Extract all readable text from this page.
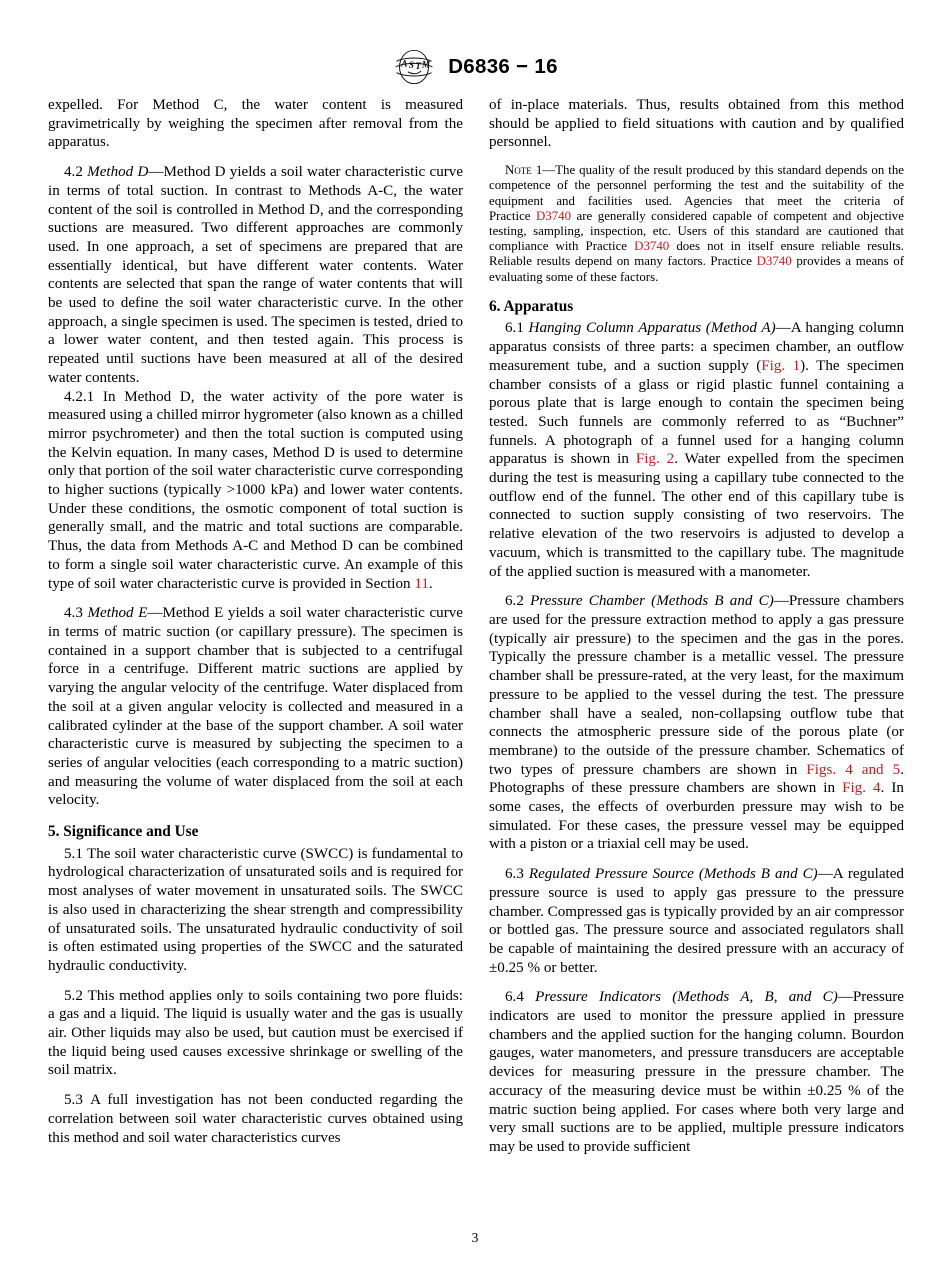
A S T M D6836 − 16

expelled. For Method C, the water content is measured gravimetrically by weighing the specimen after removal from the apparatus.

4.2 Method D—Method D yields a soil water characteristic curve in terms of total suction. In contrast to Methods A-C, the water content of the soil is controlled in Method D, and the corresponding suctions are measured. Two different approaches are commonly used. In one approach, a set of specimens are prepared that are essentially identical, but have different water contents. Water contents are selected that span the range of water contents that will be used to define the soil water characteristic curve. In the other approach, a single specimen is used. The specimen is tested, dried to a lower water content, and then tested again. This process is repeated until suctions have been measured at all of the desired water contents.

4.2.1 In Method D, the water activity of the pore water is measured using a chilled mirror hygrometer (also known as a chilled mirror psychrometer) and then the total suction is computed using the Kelvin equation. In many cases, Method D is used to determine only that portion of the soil water characteristic curve corresponding to higher suctions (typically >1000 kPa) and lower water contents. Under these conditions, the osmotic component of total suction is generally small, and the matric and total suctions are comparable. Thus, the data from Methods A-C and Method D can be combined to form a single soil water characteristic curve. An example of this type of soil water characteristic curve is provided in Section 11.

4.3 Method E—Method E yields a soil water characteristic curve in terms of matric suction (or capillary pressure). The specimen is contained in a support chamber that is subjected to a centrifugal force in a centrifuge. Different matric suctions are applied by varying the angular velocity of the centrifuge. Water displaced from the soil at a given angular velocity is collected and measured in a calibrated cylinder at the base of the support chamber. A soil water characteristic curve is measured by subjecting the specimen to a series of angular velocities (each corresponding to a matric suction) and measuring the volume of water displaced from the soil at each velocity.

5. Significance and Use

5.1 The soil water characteristic curve (SWCC) is fundamental to hydrological characterization of unsaturated soils and is required for most analyses of water movement in unsaturated soils. The SWCC is also used in characterizing the shear strength and compressibility of unsaturated soils. The unsaturated hydraulic conductivity of soil is often estimated using properties of the SWCC and the saturated hydraulic conductivity.

5.2 This method applies only to soils containing two pore fluids: a gas and a liquid. The liquid is usually water and the gas is usually air. Other liquids may also be used, but caution must be exercised if the liquid being used causes excessive shrinkage or swelling of the soil matrix.

5.3 A full investigation has not been conducted regarding the correlation between soil water characteristic curves obtained using this method and soil water characteristics curves

of in-place materials. Thus, results obtained from this method should be applied to field situations with caution and by qualified personnel.

Note 1—The quality of the result produced by this standard depends on the competence of the personnel performing the test and the suitability of the equipment and facilities used. Agencies that meet the criteria of Practice D3740 are generally considered capable of competent and objective testing, sampling, inspection, etc. Users of this standard are cautioned that compliance with Practice D3740 does not in itself ensure reliable results. Reliable results depend on many factors. Practice D3740 provides a means of evaluating some of these factors.

6. Apparatus

6.1 Hanging Column Apparatus (Method A)—A hanging column apparatus consists of three parts: a specimen chamber, an outflow measurement tube, and a suction supply (Fig. 1). The specimen chamber consists of a glass or rigid plastic funnel containing a porous plate that is large enough to contain the specimen being tested. Such funnels are commonly referred to as “Buchner” funnels. A photograph of a funnel used for a hanging column apparatus is shown in Fig. 2. Water expelled from the specimen during the test is measuring using a capillary tube connected to the outflow end of the funnel. The other end of this capillary tube is connected to suction supply consisting of two reservoirs. The relative elevation of the two reservoirs is adjusted to develop a vacuum, which is transmitted to the capillary tube. The magnitude of the applied suction is measured with a manometer.

6.2 Pressure Chamber (Methods B and C)—Pressure chambers are used for the pressure extraction method to apply a gas pressure (typically air pressure) to the specimen and the gas in the pores. Typically the pressure chamber is a metallic vessel. The pressure chamber shall be pressure-rated, at the very least, for the maximum pressure to be applied to the vessel during the test. The pressure chamber shall have a sealed, non-collapsing outflow tube that connects the atmospheric pressure side of the porous plate (or membrane) to the outside of the pressure chamber. Schematics of two types of pressure chambers are shown in Figs. 4 and 5. Photographs of these pressure chambers are shown in Fig. 4. In some cases, the effects of overburden pressure may wish to be simulated. For these cases, the pressure vessel may be equipped with a piston or a triaxial cell may be used.

6.3 Regulated Pressure Source (Methods B and C)—A regulated pressure source is used to apply gas pressure to the pressure chamber. Compressed gas is typically provided by an air compressor or bottled gas. The pressure source and associated regulators shall be capable of maintaining the desired pressure with an accuracy of ±0.25 % or better.

6.4 Pressure Indicators (Methods A, B, and C)—Pressure indicators are used to monitor the pressure applied in pressure chambers and the applied suction for the hanging column. Bourdon gauges, water manometers, and pressure transducers are acceptable devices for measuring pressure in the pressure chamber. The accuracy of the measuring device must be within ±0.25 % of the matric suction being applied. For cases where both very large and very small suctions are to be applied, multiple pressure indicators may be used to provide sufficient

3
